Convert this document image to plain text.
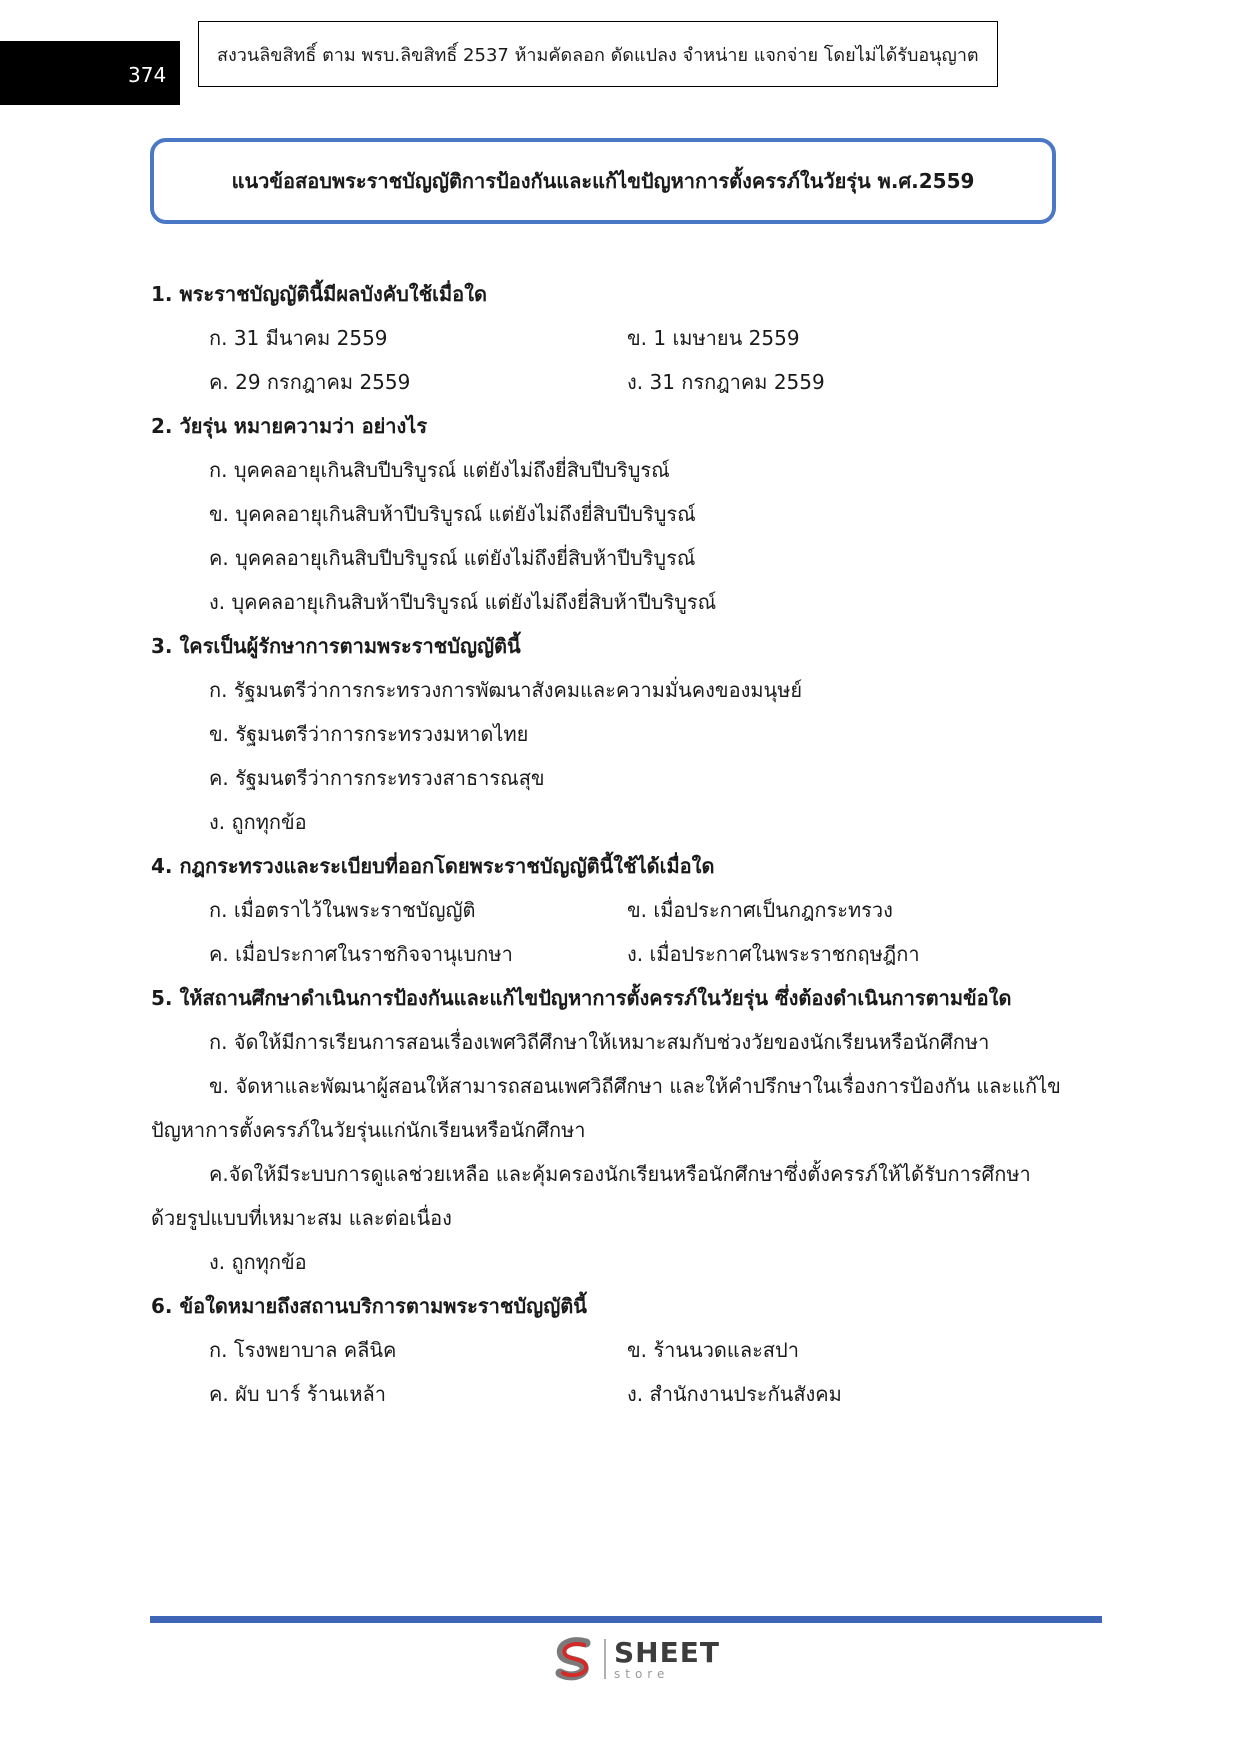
374
สงวนลิขสิทธิ์ ตาม พรบ.ลิขสิทธิ์ 2537 ห้ามคัดลอก ดัดแปลง จำหน่าย แจกจ่าย โดยไม่ได้รับอนุญาต
แนวข้อสอบพระราชบัญญัติการป้องกันและแก้ไขปัญหาการตั้งครรภ์ในวัยรุ่น พ.ศ.2559
1. พระราชบัญญัตินี้มีผลบังคับใช้เมื่อใด
ก. 31 มีนาคม 2559	ข. 1 เมษายน 2559
ค. 29 กรกฎาคม 2559	ง. 31 กรกฎาคม 2559
2. วัยรุ่น หมายความว่า อย่างไร
ก. บุคคลอายุเกินสิบปีบริบูรณ์ แต่ยังไม่ถึงยี่สิบปีบริบูรณ์
ข. บุคคลอายุเกินสิบห้าปีบริบูรณ์ แต่ยังไม่ถึงยี่สิบปีบริบูรณ์
ค. บุคคลอายุเกินสิบปีบริบูรณ์ แต่ยังไม่ถึงยี่สิบห้าปีบริบูรณ์
ง. บุคคลอายุเกินสิบห้าปีบริบูรณ์ แต่ยังไม่ถึงยี่สิบห้าปีบริบูรณ์
3. ใครเป็นผู้รักษาการตามพระราชบัญญัตินี้
ก. รัฐมนตรีว่าการกระทรวงการพัฒนาสังคมและความมั่นคงของมนุษย์
ข. รัฐมนตรีว่าการกระทรวงมหาดไทย
ค. รัฐมนตรีว่าการกระทรวงสาธารณสุข
ง. ถูกทุกข้อ
4. กฎกระทรวงและระเบียบที่ออกโดยพระราชบัญญัตินี้ใช้ได้เมื่อใด
ก. เมื่อตราไว้ในพระราชบัญญัติ	ข. เมื่อประกาศเป็นกฎกระทรวง
ค. เมื่อประกาศในราชกิจจานุเบกษา	ง. เมื่อประกาศในพระราชกฤษฎีกา
5. ให้สถานศึกษาดำเนินการป้องกันและแก้ไขปัญหาการตั้งครรภ์ในวัยรุ่น ซึ่งต้องดำเนินการตามข้อใด
ก. จัดให้มีการเรียนการสอนเรื่องเพศวิถีศึกษาให้เหมาะสมกับช่วงวัยของนักเรียนหรือนักศึกษา
ข. จัดหาและพัฒนาผู้สอนให้สามารถสอนเพศวิถีศึกษา และให้คำปรึกษาในเรื่องการป้องกัน และแก้ไขปัญหาการตั้งครรภ์ในวัยรุ่นแก่นักเรียนหรือนักศึกษา
ค.จัดให้มีระบบการดูแลช่วยเหลือ และคุ้มครองนักเรียนหรือนักศึกษาซึ่งตั้งครรภ์ให้ได้รับการศึกษาด้วยรูปแบบที่เหมาะสม และต่อเนื่อง
ง. ถูกทุกข้อ
6. ข้อใดหมายถึงสถานบริการตามพระราชบัญญัตินี้
ก. โรงพยาบาล คลีนิค	ข. ร้านนวดและสปา
ค. ผับ บาร์ ร้านเหล้า	ง. สำนักงานประกันสังคม
SHEET
store
